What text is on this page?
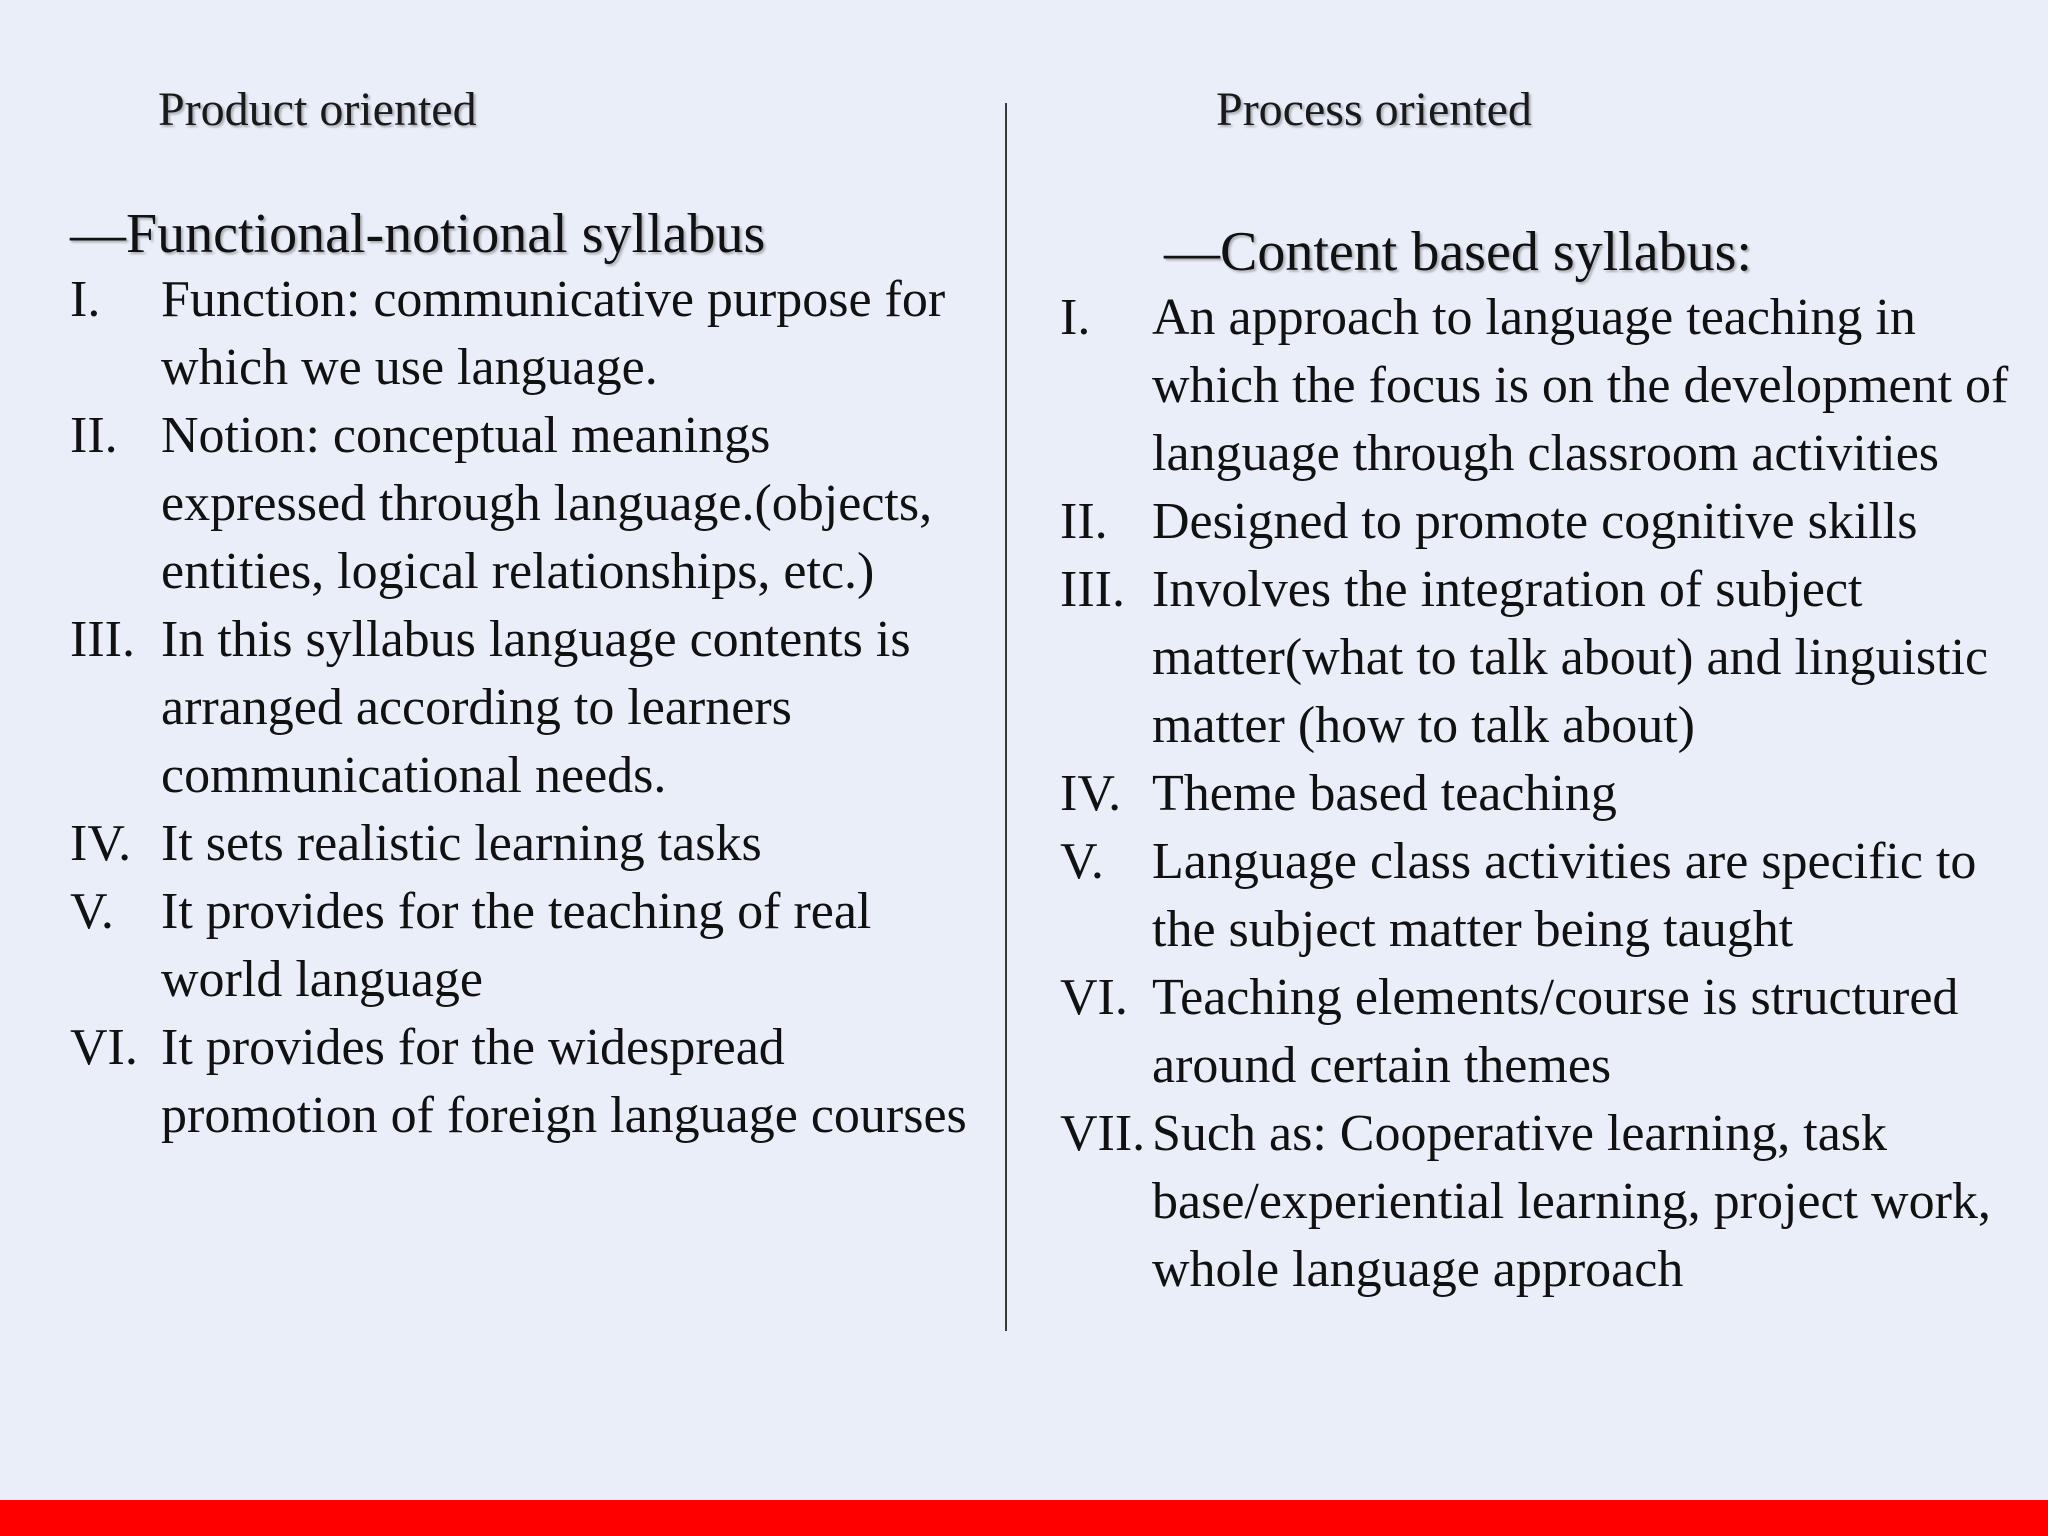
Product oriented	Process oriented
—Functional-notional syllabus
I.	Function: communicative purpose for which we use language.
II. Notion: conceptual meanings expressed through language.(objects, entities, logical relationships, etc.)
III. In this syllabus language contents is arranged according to learners communicational needs.
IV. It sets realistic learning tasks
V. It provides for the teaching of real world language
VI. It provides for the widespread promotion of foreign language courses
—Content based syllabus:
I.	An approach to language teaching in which the focus is on the development of language through classroom activities
II. Designed to promote cognitive skills
III. Involves the integration of subject matter(what to talk about) and linguistic matter (how to talk about)
IV. Theme based teaching
V. Language class activities are specific to the subject matter being taught
VI. Teaching elements/course is structured around certain themes
VII. Such as: Cooperative learning, task base/experiential learning, project work, whole language approach
